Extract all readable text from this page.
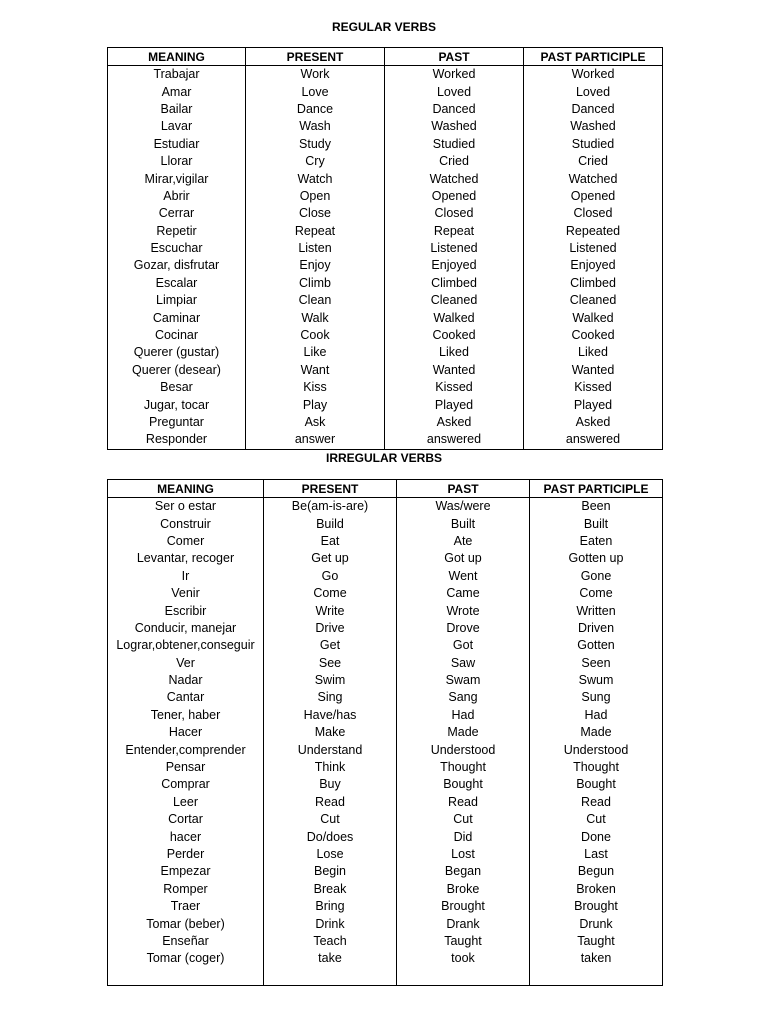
REGULAR VERBS
MEANING	PRESENT	PAST	PAST PARTICIPLE
Trabajar	Work	Worked	Worked
Amar	Love	Loved	Loved
Bailar	Dance	Danced	Danced
Lavar	Wash	Washed	Washed
Estudiar	Study	Studied	Studied
Llorar	Cry	Cried	Cried
Mirar,vigilar	Watch	Watched	Watched
Abrir	Open	Opened	Opened
Cerrar	Close	Closed	Closed
Repetir	Repeat	Repeat	Repeated
Escuchar	Listen	Listened	Listened
Gozar, disfrutar	Enjoy	Enjoyed	Enjoyed
Escalar	Climb	Climbed	Climbed
Limpiar	Clean	Cleaned	Cleaned
Caminar	Walk	Walked	Walked
Cocinar	Cook	Cooked	Cooked
Querer (gustar)	Like	Liked	Liked
Querer (desear)	Want	Wanted	Wanted
Besar	Kiss	Kissed	Kissed
Jugar, tocar	Play	Played	Played
Preguntar	Ask	Asked	Asked
Responder	answer	answered	answered
IRREGULAR VERBS
MEANING	PRESENT	PAST	PAST PARTICIPLE
Ser o estar	Be(am-is-are)	Was/were	Been
Construir	Build	Built	Built
Comer	Eat	Ate	Eaten
Levantar, recoger	Get up	Got up	Gotten up
Ir	Go	Went	Gone
Venir	Come	Came	Come
Escribir	Write	Wrote	Written
Conducir, manejar	Drive	Drove	Driven
Lograr,obtener,conseguir	Get	Got	Gotten
Ver	See	Saw	Seen
Nadar	Swim	Swam	Swum
Cantar	Sing	Sang	Sung
Tener, haber	Have/has	Had	Had
Hacer	Make	Made	Made
Entender,comprender	Understand	Understood	Understood
Pensar	Think	Thought	Thought
Comprar	Buy	Bought	Bought
Leer	Read	Read	Read
Cortar	Cut	Cut	Cut
hacer	Do/does	Did	Done
Perder	Lose	Lost	Last
Empezar	Begin	Began	Begun
Romper	Break	Broke	Broken
Traer	Bring	Brought	Brought
Tomar (beber)	Drink	Drank	Drunk
Enseñar	Teach	Taught	Taught
Tomar (coger)	take	took	taken
